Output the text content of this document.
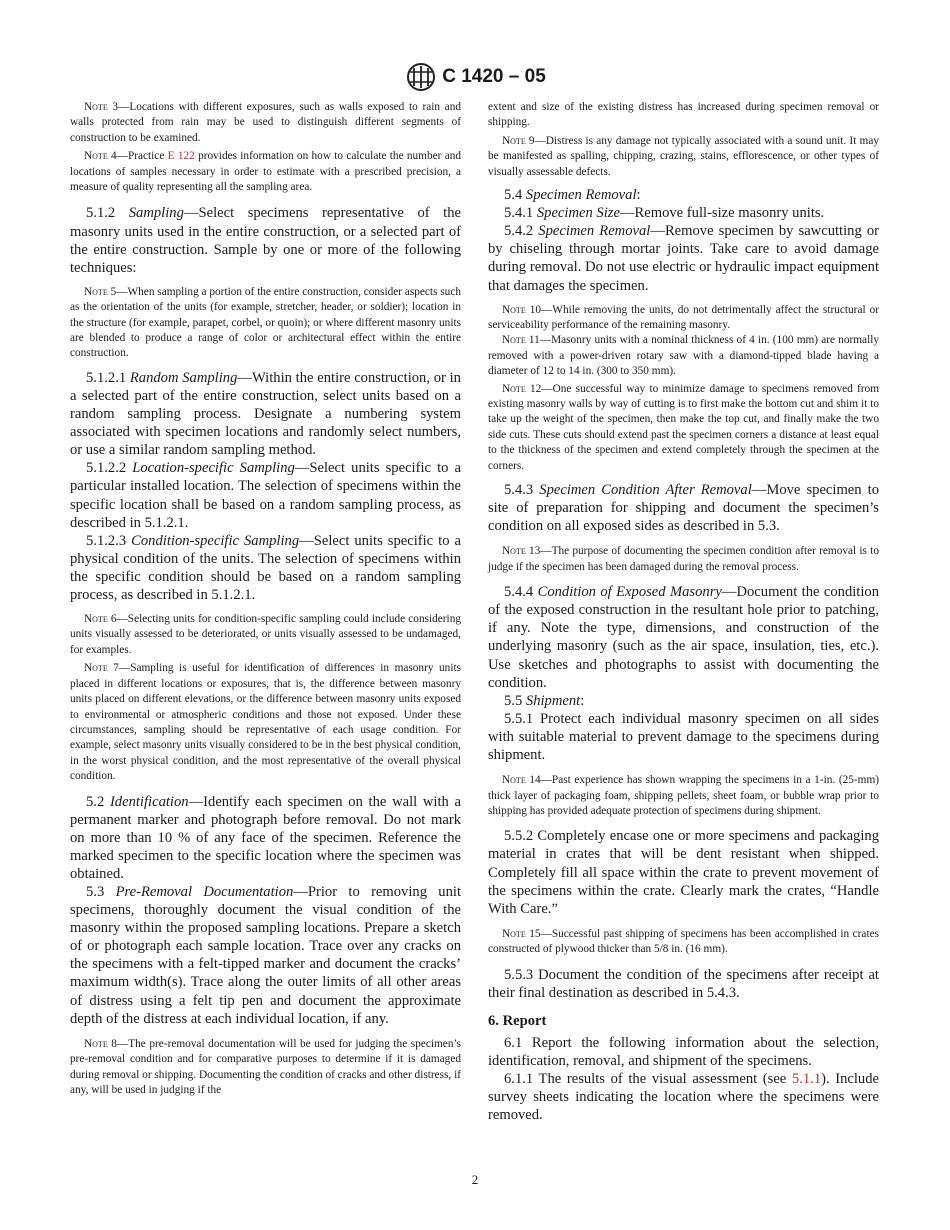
C 1420 – 05

Note 3—Locations with different exposures, such as walls exposed to rain and walls protected from rain may be used to distinguish different segments of construction to be examined.

Note 4—Practice E 122 provides information on how to calculate the number and locations of samples necessary in order to estimate with a prescribed precision, a measure of quality representing all the sampling area.

5.1.2 Sampling—Select specimens representative of the masonry units used in the entire construction, or a selected part of the entire construction. Sample by one or more of the following techniques:

Note 5—When sampling a portion of the entire construction, consider aspects such as the orientation of the units (for example, stretcher, header, or soldier); location in the structure (for example, parapet, corbel, or quoin); or where different masonry units are blended to produce a range of color or architectural effect within the entire construction.

5.1.2.1 Random Sampling—Within the entire construction, or in a selected part of the entire construction, select units based on a random sampling process. Designate a numbering system associated with specimen locations and randomly select numbers, or use a similar random sampling method.

5.1.2.2 Location-specific Sampling—Select units specific to a particular installed location. The selection of specimens within the specific location shall be based on a random sampling process, as described in 5.1.2.1.

5.1.2.3 Condition-specific Sampling—Select units specific to a physical condition of the units. The selection of specimens within the specific condition should be based on a random sampling process, as described in 5.1.2.1.

Note 6—Selecting units for condition-specific sampling could include considering units visually assessed to be deteriorated, or units visually assessed to be undamaged, for examples.

Note 7—Sampling is useful for identification of differences in masonry units placed in different locations or exposures, that is, the difference between masonry units placed on different elevations, or the difference between masonry units exposed to environmental or atmospheric conditions and those not exposed. Under these circumstances, sampling should be representative of each usage condition. For example, select masonry units visually considered to be in the best physical condition, in the worst physical condition, and the most representative of the overall physical condition.

5.2 Identification—Identify each specimen on the wall with a permanent marker and photograph before removal. Do not mark on more than 10 % of any face of the specimen. Reference the marked specimen to the specific location where the specimen was obtained.

5.3 Pre-Removal Documentation—Prior to removing unit specimens, thoroughly document the visual condition of the masonry within the proposed sampling locations. Prepare a sketch of or photograph each sample location. Trace over any cracks on the specimens with a felt-tipped marker and document the cracks’ maximum width(s). Trace along the outer limits of all other areas of distress using a felt tip pen and document the approximate depth of the distress at each individual location, if any.

Note 8—The pre-removal documentation will be used for judging the specimen’s pre-removal condition and for comparative purposes to determine if it is damaged during removal or shipping. Documenting the condition of cracks and other distress, if any, will be used in judging if the

extent and size of the existing distress has increased during specimen removal or shipping.

Note 9—Distress is any damage not typically associated with a sound unit. It may be manifested as spalling, chipping, crazing, stains, efflorescence, or other types of visually assessable defects.

5.4 Specimen Removal:

5.4.1 Specimen Size—Remove full-size masonry units.

5.4.2 Specimen Removal—Remove specimen by sawcutting or by chiseling through mortar joints. Take care to avoid damage during removal. Do not use electric or hydraulic impact equipment that damages the specimen.

Note 10—While removing the units, do not detrimentally affect the structural or serviceability performance of the remaining masonry.

Note 11—Masonry units with a nominal thickness of 4 in. (100 mm) are normally removed with a power-driven rotary saw with a diamond-tipped blade having a diameter of 12 to 14 in. (300 to 350 mm).

Note 12—One successful way to minimize damage to specimens removed from existing masonry walls by way of cutting is to first make the bottom cut and shim it to take up the weight of the specimen, then make the top cut, and finally make the two side cuts. These cuts should extend past the specimen corners a distance at least equal to the thickness of the specimen and extend completely through the specimen at the corners.

5.4.3 Specimen Condition After Removal—Move specimen to site of preparation for shipping and document the specimen’s condition on all exposed sides as described in 5.3.

Note 13—The purpose of documenting the specimen condition after removal is to judge if the specimen has been damaged during the removal process.

5.4.4 Condition of Exposed Masonry—Document the condition of the exposed construction in the resultant hole prior to patching, if any. Note the type, dimensions, and construction of the underlying masonry (such as the air space, insulation, ties, etc.). Use sketches and photographs to assist with documenting the condition.

5.5 Shipment:

5.5.1 Protect each individual masonry specimen on all sides with suitable material to prevent damage to the specimens during shipment.

Note 14—Past experience has shown wrapping the specimens in a 1-in. (25-mm) thick layer of packaging foam, shipping pellets, sheet foam, or bubble wrap prior to shipping has provided adequate protection of specimens during shipment.

5.5.2 Completely encase one or more specimens and packaging material in crates that will be dent resistant when shipped. Completely fill all space within the crate to prevent movement of the specimens within the crate. Clearly mark the crates, “Handle With Care.”

Note 15—Successful past shipping of specimens has been accomplished in crates constructed of plywood thicker than 5/8 in. (16 mm).

5.5.3 Document the condition of the specimens after receipt at their final destination as described in 5.4.3.

6. Report

6.1 Report the following information about the selection, identification, removal, and shipment of the specimens.

6.1.1 The results of the visual assessment (see 5.1.1). Include survey sheets indicating the location where the specimens were removed.

2
